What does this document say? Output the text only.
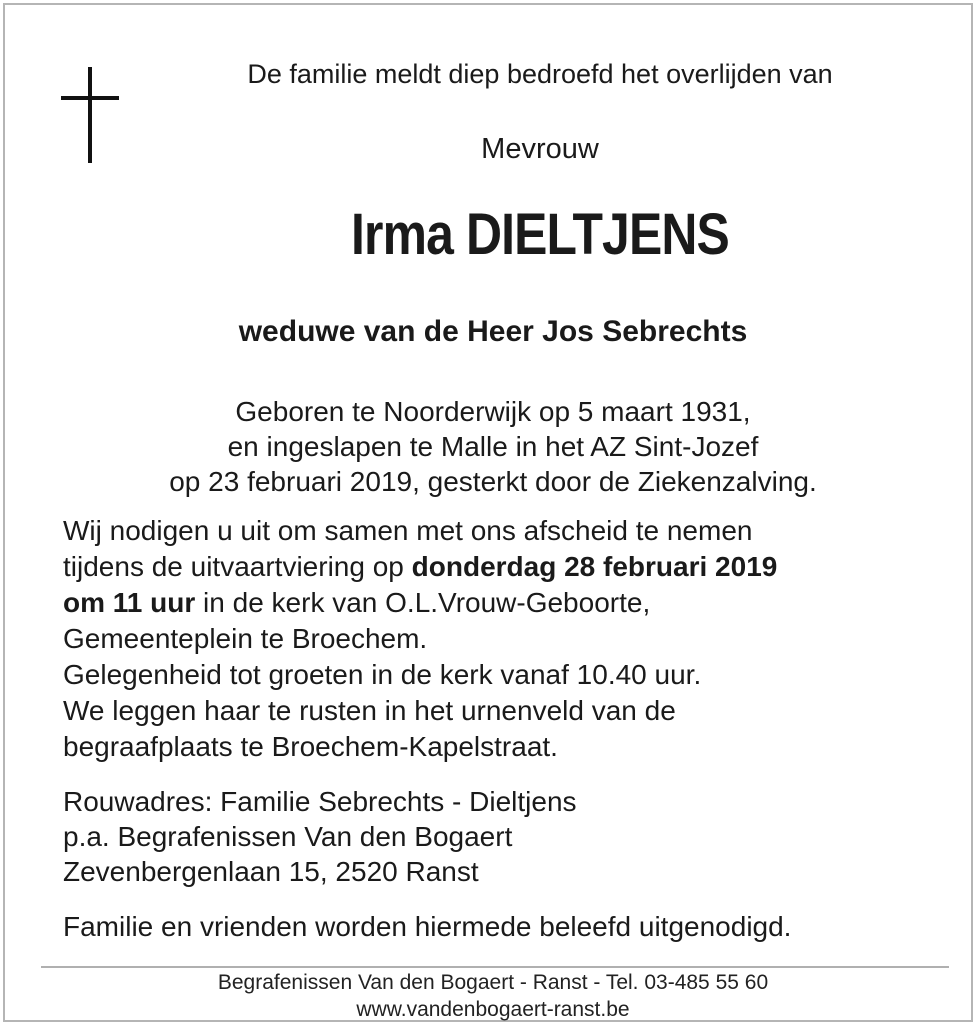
De familie meldt diep bedroefd het overlijden van
Mevrouw
Irma DIELTJENS
weduwe van de Heer Jos Sebrechts
Geboren te Noorderwijk op 5 maart 1931,
en ingeslapen te Malle in het AZ Sint-Jozef
op 23 februari 2019, gesterkt door de Ziekenzalving.
Wij nodigen u uit om samen met ons afscheid te nemen
tijdens de uitvaartviering op donderdag 28 februari 2019
om 11 uur in de kerk van O.L.Vrouw-Geboorte,
Gemeenteplein te Broechem.
Gelegenheid tot groeten in de kerk vanaf 10.40 uur.
We leggen haar te rusten in het urnenveld van de
begraafplaats te Broechem-Kapelstraat.
Rouwadres: Familie Sebrechts - Dieltjens
p.a. Begrafenissen Van den Bogaert
Zevenbergenlaan 15, 2520 Ranst
Familie en vrienden worden hiermede beleefd uitgenodigd.
Begrafenissen Van den Bogaert - Ranst - Tel. 03-485 55 60
www.vandenbogaert-ranst.be
